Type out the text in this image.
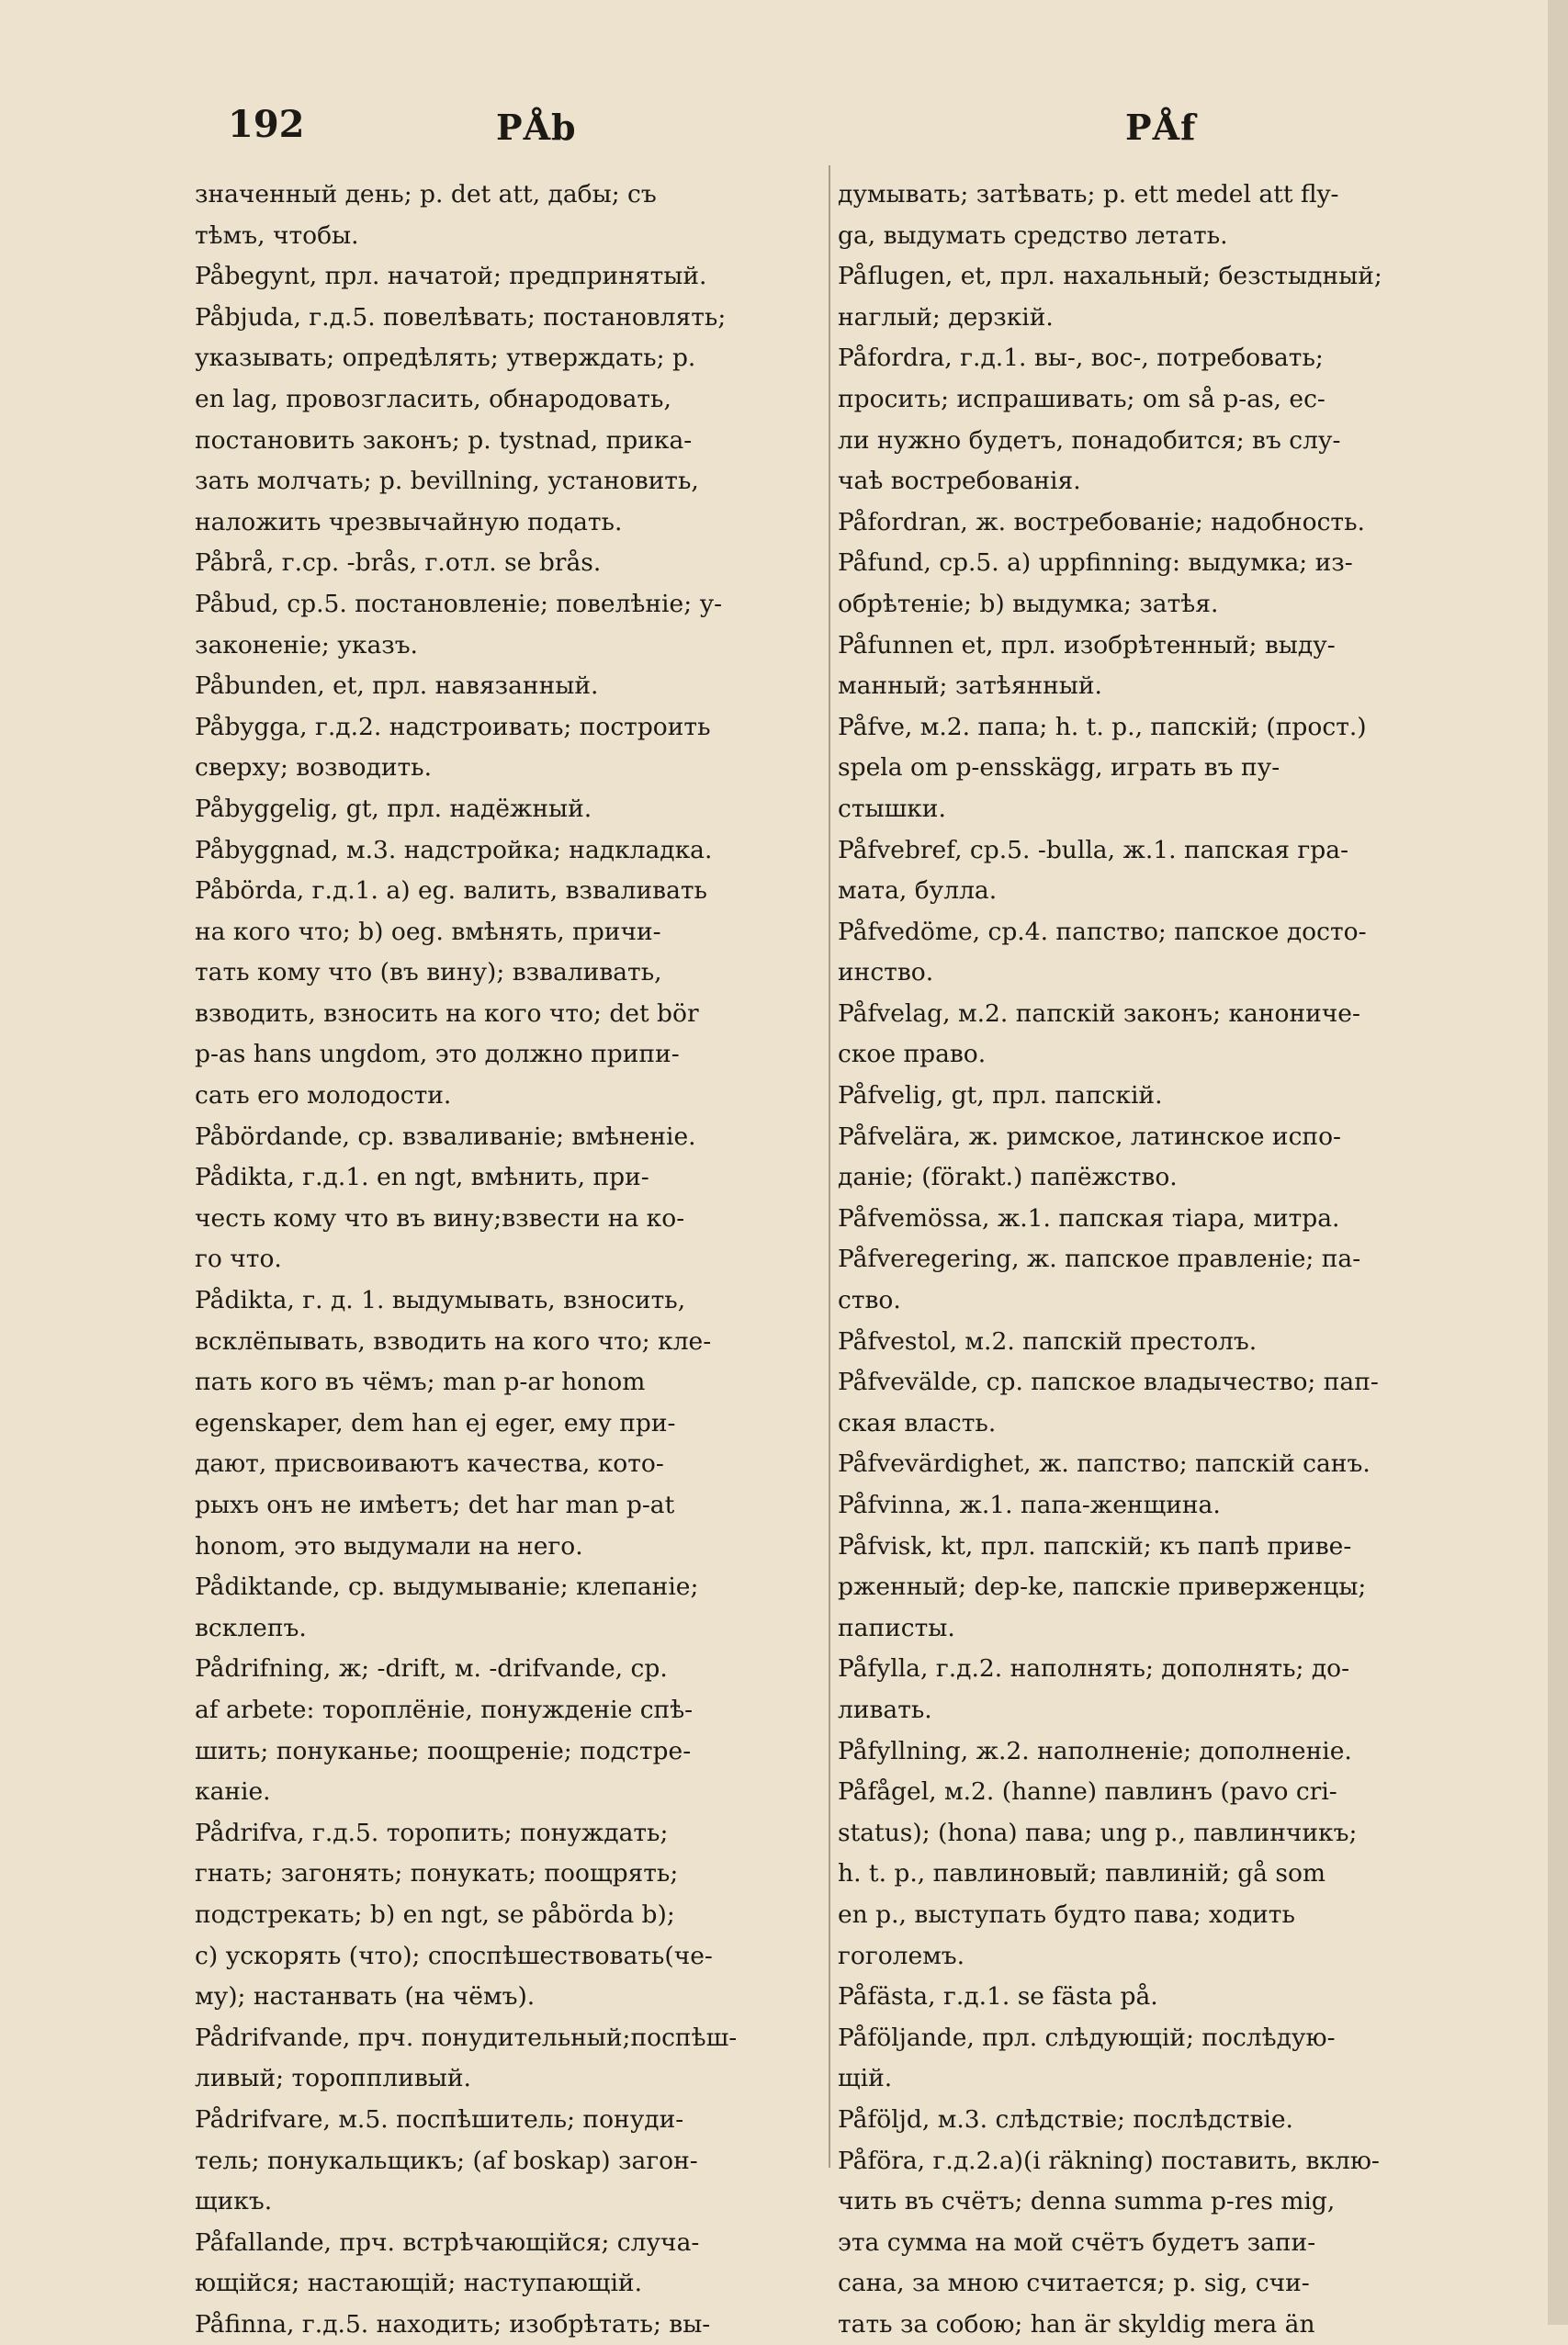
192	PÅb	PÅf
значенный день; p. det att, дабы; съ
тѣмъ, чтобы.
Påbegynt, прл. начатой; предпринятый.
Påbjuda, г.д.5. повелѣвать; постановлять;
указывать; опредѣлять; утверждать; p.
en lag, провозгласить, обнародовать,
постановить законъ; p. tystnad, прика-
зать молчать; p. bevillning, установить,
наложить чрезвычайную подать.
Påbrå, г.ср. -brås, г.отл. se brås.
Påbud, ср.5. постановленіе; повелѣніе; у-
законеніе; указъ.
Påbunden, et, прл. навязанный.
Påbygga, г.д.2. надстроивать; построить
сверху; возводить.
Påbyggelig, gt, прл. надёжный.
Påbyggnad, м.3. надстройка; надкладка.
Påbörda, г.д.1. a) eg. валить, взваливать
на кого что; b) oeg. вмѣнять, причи-
тать кому что (въ вину); взваливать,
взводить, взносить на кого что; det bör
p-as hans ungdom, это должно припи-
сать его молодости.
Påbördande, ср. взваливаніе; вмѣненіе.
Pådikta, г.д.1. en ngt, вмѣнить, при-
честь кому что въ вину;взвести на ко-
го что.
Pådikta, г. д. 1. выдумывать, взносить,
всклёпывать, взводить на кого что; кле-
пать кого въ чёмъ; man p-ar honom
egenskaper, dem han ej eger, ему при-
дают, присвоиваютъ качества, кото-
рыхъ онъ не имѣетъ; det har man p-at
honom, это выдумали на него.
Pådiktande, ср. выдумываніе; клепаніе;
всклепъ.
Pådrifning, ж; -drift, м. -drifvande, ср.
af arbete: тороплёніе, понужденіе спѣ-
шить; понуканье; поощреніе; подстре-
каніе.
Pådrifva, г.д.5. торопить; понуждать;
гнать; загонять; понукать; поощрять;
подстрекать; b) en ngt, se påbörda b);
c) ускорять (что); споспѣшествовать(че-
му); настанвать (на чёмъ).
Pådrifvande, прч. понудительный;поспѣш-
ливый; тороппливый.
Pådrifvare, м.5. поспѣшитель; понуди-
тель; понукальщикъ; (af boskap) загон-
щикъ.
Påfallande, прч. встрѣчающійся; случа-
ющійся; настающій; наступающій.
Påfinna, г.д.5. находить; изобрѣтать; вы-
думывать; затѣвать; p. ett medel att fly-
ga, выдумать средство летать.
Påflugen, et, прл. нахальный; безстыдный;
наглый; дерзкій.
Påfordra, г.д.1. вы-, вос-, потребовать;
просить; испрашивать; om så p-as, ес-
ли нужно будетъ, понадобится; въ слу-
чаѣ востребованія.
Påfordran, ж. востребованіе; надобность.
Påfund, ср.5. a) uppfinning: выдумка; из-
обрѣтеніе; b) выдумка; затѣя.
Påfunnen et, прл. изобрѣтенный; выду-
манный; затѣянный.
Påfve, м.2. папа; h. t. p., папскій; (прост.)
spela om p-ensskägg, играть въ пу-
стышки.
Påfvebref, ср.5. -bulla, ж.1. папская гра-
мата, булла.
Påfvedöme, ср.4. папство; папское досто-
инство.
Påfvelag, м.2. папскій законъ; канониче-
ское право.
Påfvelig, gt, прл. папскій.
Påfvelära, ж. римское, латинское испо-
даніе; (förakt.) папёжство.
Påfvemössa, ж.1. папская тіара, митра.
Påfveregering, ж. папское правленіе; па-
ство.
Påfvestol, м.2. папскій престолъ.
Påfvevälde, ср. папское владычество; пап-
ская власть.
Påfvevärdighet, ж. папство; папскій санъ.
Påfvinna, ж.1. папа-женщина.
Påfvisk, kt, прл. папскій; къ папѣ приве-
рженный; dep-ke, папскіе приверженцы;
паписты.
Påfylla, г.д.2. наполнять; дополнять; до-
ливать.
Påfyllning, ж.2. наполненіе; дополненіе.
Påfågel, м.2. (hanne) павлинъ (pavo cri-
status); (hona) пава; ung p., павлинчикъ;
h. t. p., павлиновый; павлиній; gå som
en p., выступать будто пава; ходить
гоголемъ.
Påfästa, г.д.1. se fästa på.
Påföljande, прл. слѣдующій; послѣдую-
щій.
Påföljd, м.3. слѣдствіе; послѣдствіе.
Påföra, г.д.2.a)(i räkning) поставить, вклю-
чить въ счётъ; denna summa p-res mig,
эта сумма на мой счётъ будетъ запи-
сана, за мною считается; p. sig, счи-
тать за собою; han är skyldig mera än
